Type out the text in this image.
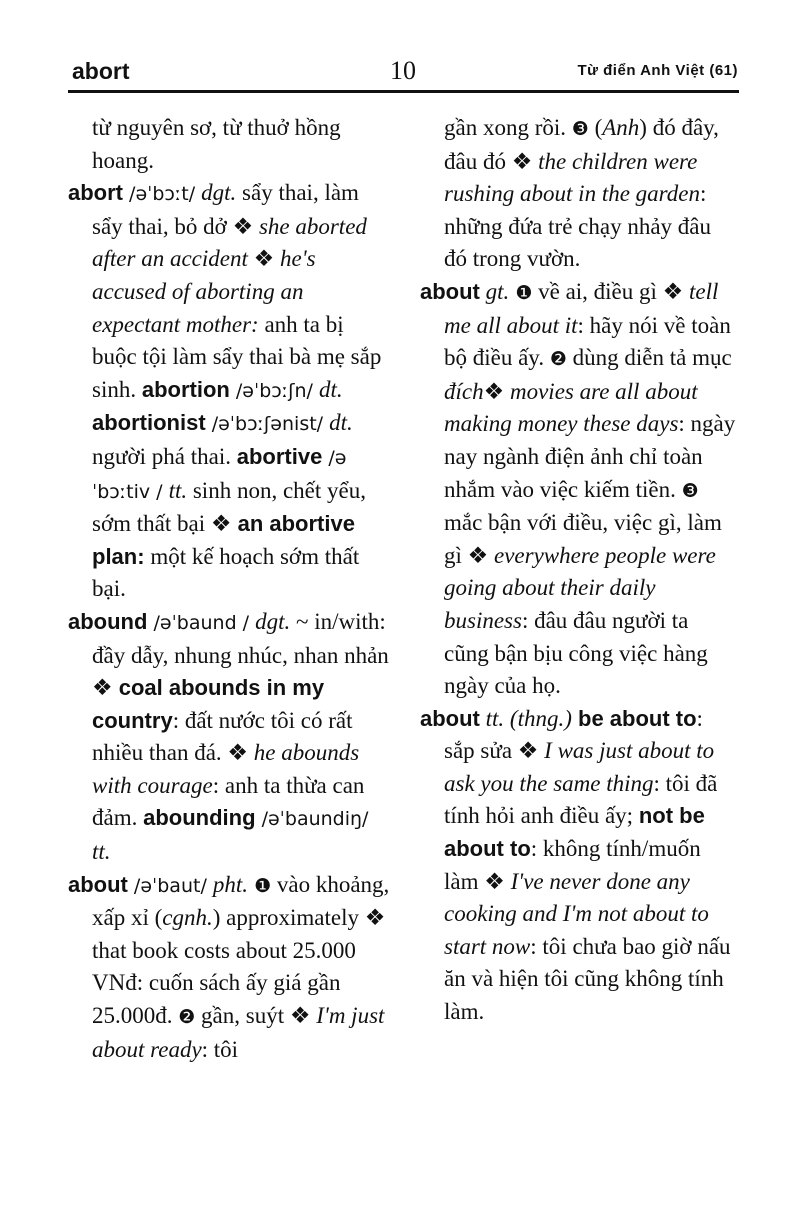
abort	10	Từ điển Anh Việt (61)

từ nguyên sơ, từ thuở hồng hoang.

abort /əˈbɔːt/ dgt. sẩy thai, làm sẩy thai, bỏ dở ❖ she aborted after an accident ❖ he's accused of aborting an expectant mother: anh ta bị buộc tội làm sẩy thai bà mẹ sắp sinh. abortion /əˈbɔːʃn/ dt. abortionist /əˈbɔːʃənist/ dt. người phá thai. abortive /əˈbɔːtiv / tt. sinh non, chết yểu, sớm thất bại ❖ an abortive plan: một kế hoạch sớm thất bại.

abound /əˈbaund / dgt. ~ in/with: đầy dẫy, nhung nhúc, nhan nhản ❖ coal abounds in my country: đất nước tôi có rất nhiều than đá. ❖ he abounds with courage: anh ta thừa can đảm. abounding /əˈbaundiŋ/ tt.

about /əˈbaut/ pht. ❶ vào khoảng, xấp xỉ (cgnh.) approximately ❖ that book costs about 25.000 VNđ: cuốn sách ấy giá gần 25.000đ. ❷ gần, suýt ❖ I'm just about ready: tôi

gần xong rồi. ❸ (Anh) đó đây, đâu đó ❖ the children were rushing about in the garden: những đứa trẻ chạy nhảy đâu đó trong vườn.

about gt. ❶ về ai, điều gì ❖ tell me all about it: hãy nói về toàn bộ điều ấy. ❷ dùng diễn tả mục đích❖ movies are all about making money these days: ngày nay ngành điện ảnh chỉ toàn nhắm vào việc kiếm tiền. ❸ mắc bận với điều, việc gì, làm gì ❖ everywhere people were going about their daily business: đâu đâu người ta cũng bận bịu công việc hàng ngày của họ.

about tt. (thng.) be about to: sắp sửa ❖ I was just about to ask you the same thing: tôi đã tính hỏi anh điều ấy; not be about to: không tính/muốn làm ❖ I've never done any cooking and I'm not about to start now: tôi chưa bao giờ nấu ăn và hiện tôi cũng không tính làm.
